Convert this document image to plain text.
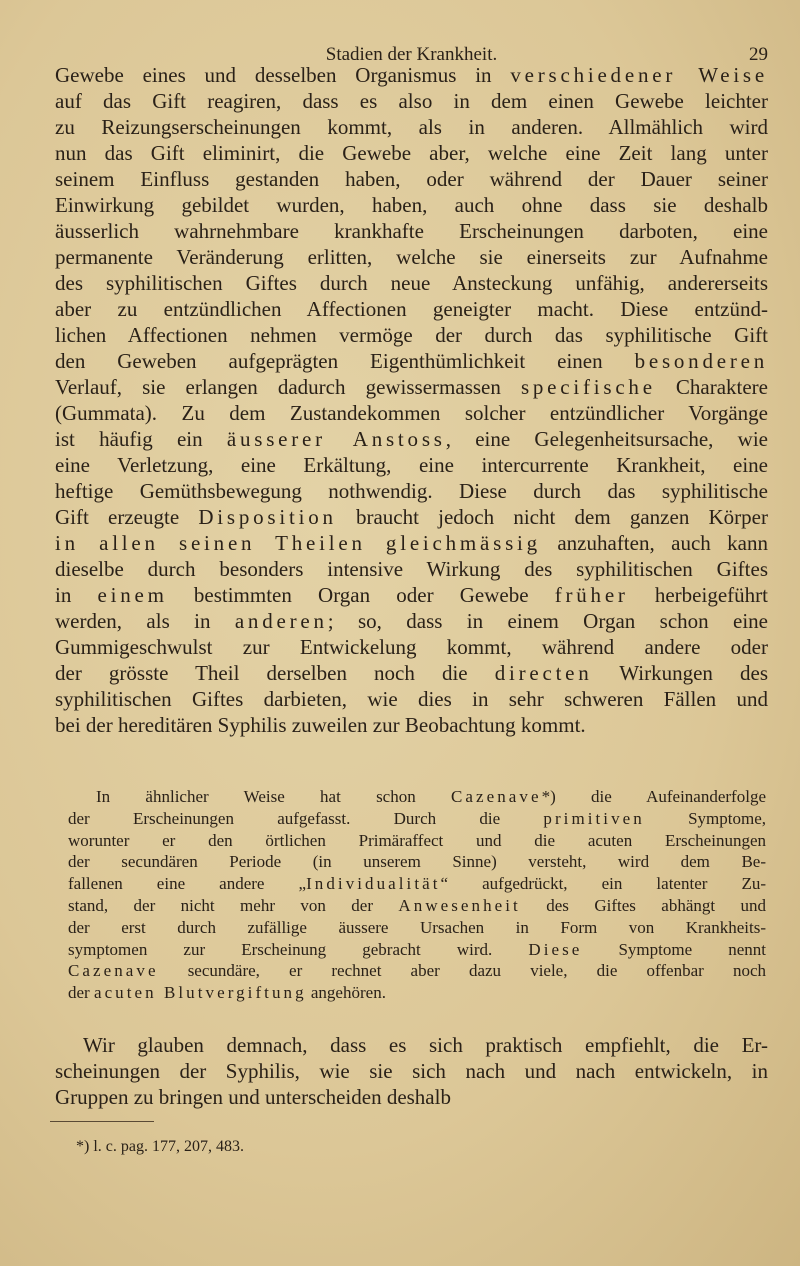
Stadien der Krankheit.	29
Gewebe eines und desselben Organismus in verschiedener Weise
auf das Gift reagiren, dass es also in dem einen Gewebe leichter
zu Reizungserscheinungen kommt, als in anderen. Allmählich wird
nun das Gift eliminirt, die Gewebe aber, welche eine Zeit lang unter
seinem Einfluss gestanden haben, oder während der Dauer seiner
Einwirkung gebildet wurden, haben, auch ohne dass sie deshalb
äusserlich wahrnehmbare krankhafte Erscheinungen darboten, eine
permanente Veränderung erlitten, welche sie einerseits zur Aufnahme
des syphilitischen Giftes durch neue Ansteckung unfähig, andererseits
aber zu entzündlichen Affectionen geneigter macht. Diese entzünd-
lichen Affectionen nehmen vermöge der durch das syphilitische Gift
den Geweben aufgeprägten Eigenthümlichkeit einen besonderen
Verlauf, sie erlangen dadurch gewissermassen specifische Charaktere
(Gummata). Zu dem Zustandekommen solcher entzündlicher Vorgänge
ist häufig ein äusserer Anstoss, eine Gelegenheitsursache, wie
eine Verletzung, eine Erkältung, eine intercurrente Krankheit, eine
heftige Gemüthsbewegung nothwendig. Diese durch das syphilitische
Gift erzeugte Disposition braucht jedoch nicht dem ganzen Körper
in allen seinen Theilen gleichmässig anzuhaften, auch kann
dieselbe durch besonders intensive Wirkung des syphilitischen Giftes
in einem bestimmten Organ oder Gewebe früher herbeigeführt
werden, als in anderen; so, dass in einem Organ schon eine
Gummigeschwulst zur Entwickelung kommt, während andere oder
der grösste Theil derselben noch die directen Wirkungen des
syphilitischen Giftes darbieten, wie dies in sehr schweren Fällen und
bei der hereditären Syphilis zuweilen zur Beobachtung kommt.
In ähnlicher Weise hat schon Cazenave*) die Aufeinanderfolge
der Erscheinungen aufgefasst. Durch die primitiven Symptome,
worunter er den örtlichen Primäraffect und die acuten Erscheinungen
der secundären Periode (in unserem Sinne) versteht, wird dem Be-
fallenen eine andere „Individualität“ aufgedrückt, ein latenter Zu-
stand, der nicht mehr von der Anwesenheit des Giftes abhängt und
der erst durch zufällige äussere Ursachen in Form von Krankheits-
symptomen zur Erscheinung gebracht wird. Diese Symptome nennt
Cazenave secundäre, er rechnet aber dazu viele, die offenbar noch
der acuten Blutvergiftung angehören.
Wir glauben demnach, dass es sich praktisch empfiehlt, die Er-
scheinungen der Syphilis, wie sie sich nach und nach entwickeln, in
Gruppen zu bringen und unterscheiden deshalb
*) l. c. pag. 177, 207, 483.
